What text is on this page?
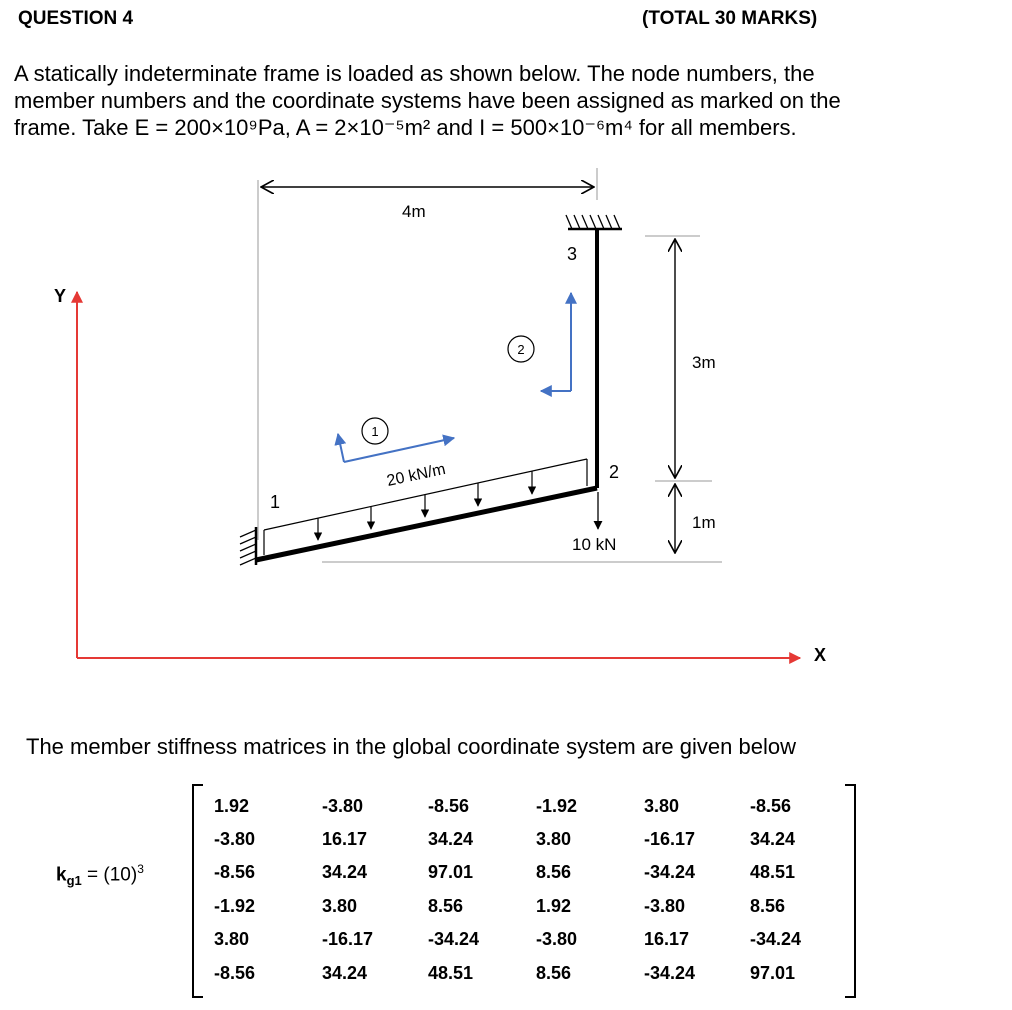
QUESTION 4	(TOTAL 30 MARKS)
A statically indeterminate frame is loaded as shown below. The node numbers, the
member numbers and the coordinate systems have been assigned as marked on the
frame. Take E = 200×10⁹Pa, A = 2×10⁻⁵m² and I = 500×10⁻⁶m⁴ for all members.
Y
X
4m
3m
1m
20 kN/m
10 kN
1
2
3
1
2
The member stiffness matrices in the global coordinate system are given below
$k_{g1} = (10)^3$
1.92	-3.80	-8.56	-1.92	3.80	-8.56
-3.80	16.17	34.24	3.80	-16.17	34.24
-8.56	34.24	97.01	8.56	-34.24	48.51
-1.92	3.80	8.56	1.92	-3.80	8.56
3.80	-16.17	-34.24	-3.80	16.17	-34.24
-8.56	34.24	48.51	8.56	-34.24	97.01
